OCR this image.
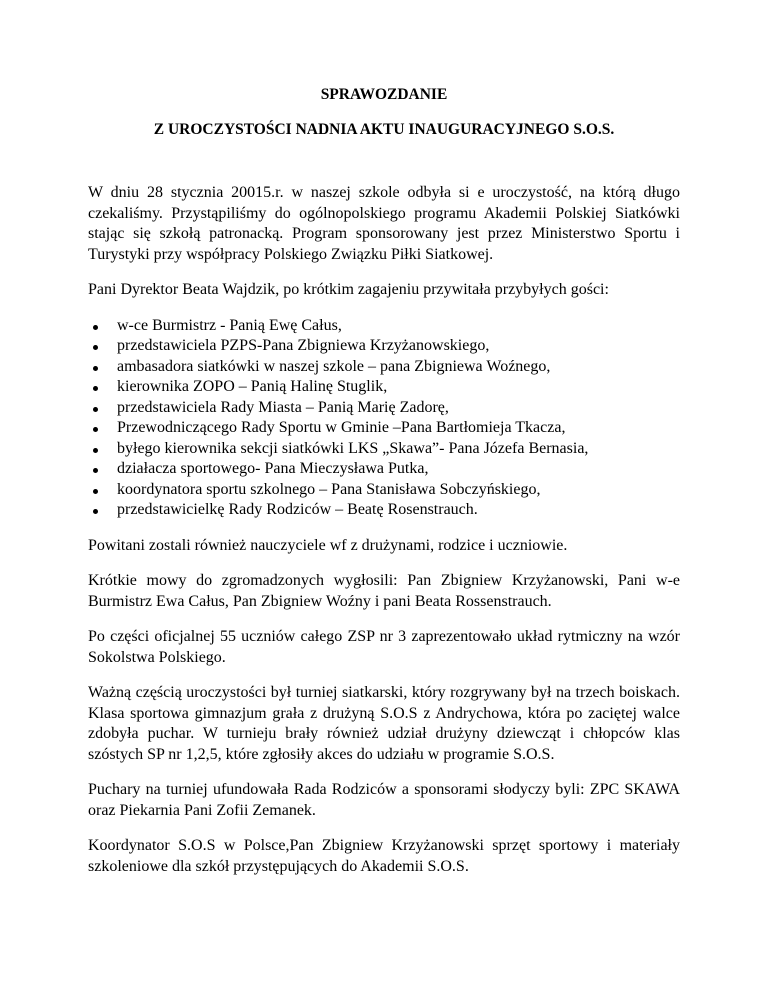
SPRAWOZDANIE
Z UROCZYSTOŚCI NADNIA AKTU INAUGURACYJNEGO S.O.S.

W dniu 28 stycznia 20015.r. w naszej szkole odbyła si e uroczystość, na którą długo czekaliśmy. Przystąpiliśmy do ogólnopolskiego programu Akademii Polskiej Siatkówki stając się szkołą patronacką. Program sponsorowany jest przez Ministerstwo Sportu i Turystyki przy współpracy Polskiego Związku Piłki Siatkowej.

Pani Dyrektor Beata Wajdzik, po krótkim zagajeniu przywitała przybyłych gości:

w-ce Burmistrz - Panią Ewę Całus,
przedstawiciela PZPS-Pana Zbigniewa Krzyżanowskiego,
ambasadora siatkówki w naszej szkole – pana Zbigniewa Woźnego,
kierownika ZOPO – Panią Halinę Stuglik,
przedstawiciela Rady Miasta – Panią Marię Zadorę,
Przewodniczącego Rady Sportu w Gminie –Pana Bartłomieja Tkacza,
byłego kierownika sekcji siatkówki LKS „Skawa”- Pana Józefa Bernasia,
działacza sportowego- Pana Mieczysława Putka,
koordynatora sportu szkolnego – Pana Stanisława Sobczyńskiego,
przedstawicielkę Rady Rodziców – Beatę Rosenstrauch.

Powitani zostali również nauczyciele wf z drużynami, rodzice i uczniowie.

Krótkie mowy do zgromadzonych wygłosili: Pan Zbigniew Krzyżanowski, Pani w-e Burmistrz Ewa Całus, Pan Zbigniew Woźny i pani Beata Rossenstrauch.

Po części oficjalnej 55 uczniów całego ZSP nr 3 zaprezentowało układ rytmiczny na wzór Sokolstwa Polskiego.

Ważną częścią uroczystości był turniej siatkarski, który rozgrywany był na trzech boiskach. Klasa sportowa gimnazjum grała z drużyną S.O.S z Andrychowa, która po zaciętej walce zdobyła puchar. W turnieju brały również udział drużyny dziewcząt i chłopców klas szóstych SP nr 1,2,5, które zgłosiły akces do udziału w programie S.O.S.

Puchary na turniej ufundowała Rada Rodziców a sponsorami słodyczy byli: ZPC SKAWA oraz Piekarnia Pani Zofii Zemanek.

Koordynator S.O.S w Polsce,Pan Zbigniew Krzyżanowski sprzęt sportowy i materiały szkoleniowe dla szkół przystępujących do Akademii S.O.S.
